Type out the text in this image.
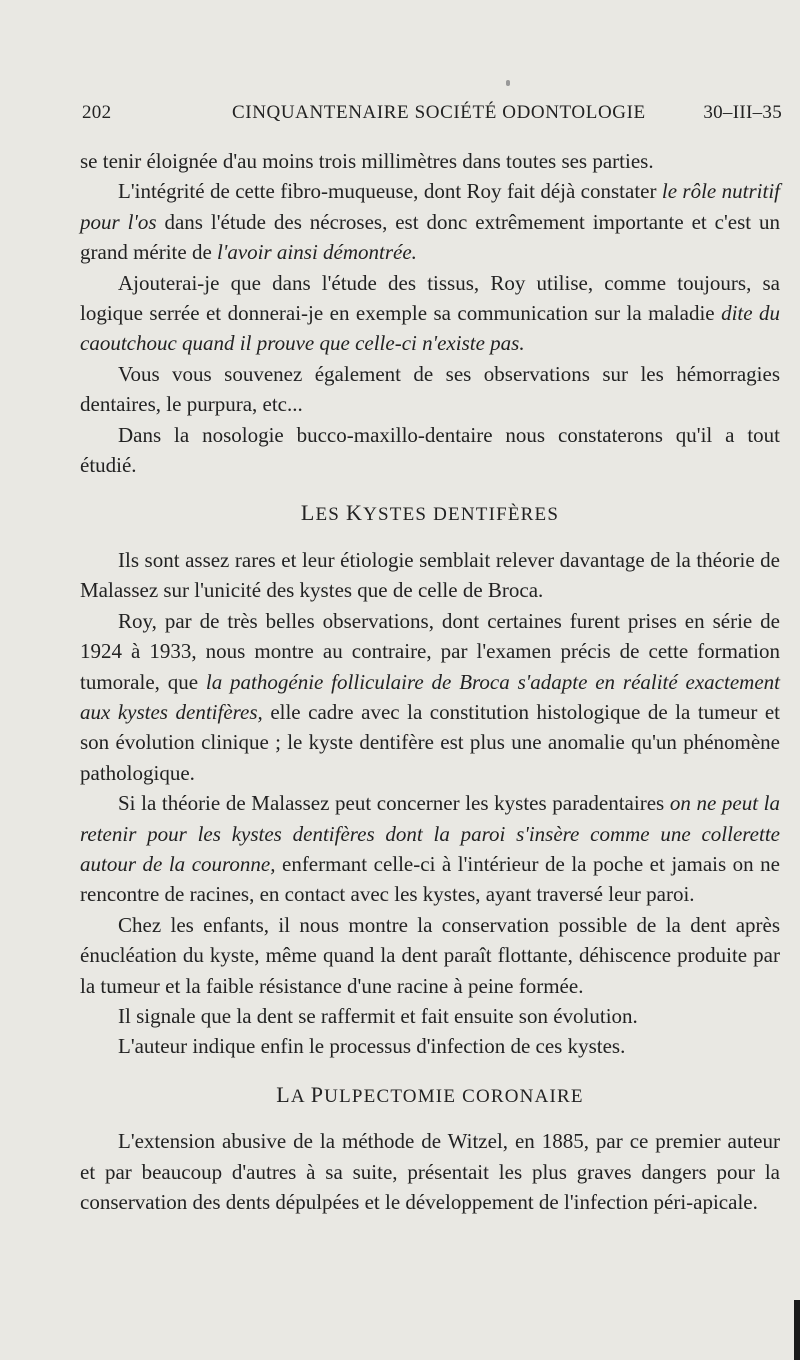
202	CINQUANTENAIRE SOCIÉTÉ ODONTOLOGIE	30–III–35

se tenir éloignée d'au moins trois millimètres dans toutes ses parties.

L'intégrité de cette fibro-muqueuse, dont Roy fait déjà constater le rôle nutritif pour l'os dans l'étude des nécroses, est donc extrêmement importante et c'est un grand mérite de l'avoir ainsi démontrée.

Ajouterai-je que dans l'étude des tissus, Roy utilise, comme toujours, sa logique serrée et donnerai-je en exemple sa communication sur la maladie dite du caoutchouc quand il prouve que celle-ci n'existe pas.

Vous vous souvenez également de ses observations sur les hémorragies dentaires, le purpura, etc...

Dans la nosologie bucco-maxillo-dentaire nous constaterons qu'il a tout étudié.

LES KYSTES DENTIFÈRES

Ils sont assez rares et leur étiologie semblait relever davantage de la théorie de Malassez sur l'unicité des kystes que de celle de Broca.

Roy, par de très belles observations, dont certaines furent prises en série de 1924 à 1933, nous montre au contraire, par l'examen précis de cette formation tumorale, que la pathogénie folliculaire de Broca s'adapte en réalité exactement aux kystes dentifères, elle cadre avec la constitution histologique de la tumeur et son évolution clinique ; le kyste dentifère est plus une anomalie qu'un phénomène pathologique.

Si la théorie de Malassez peut concerner les kystes paradentaires on ne peut la retenir pour les kystes dentifères dont la paroi s'insère comme une collerette autour de la couronne, enfermant celle-ci à l'intérieur de la poche et jamais on ne rencontre de racines, en contact avec les kystes, ayant traversé leur paroi.

Chez les enfants, il nous montre la conservation possible de la dent après énucléation du kyste, même quand la dent paraît flottante, déhiscence produite par la tumeur et la faible résistance d'une racine à peine formée.

Il signale que la dent se raffermit et fait ensuite son évolution.

L'auteur indique enfin le processus d'infection de ces kystes.

LA PULPECTOMIE CORONAIRE

L'extension abusive de la méthode de Witzel, en 1885, par ce premier auteur et par beaucoup d'autres à sa suite, présentait les plus graves dangers pour la conservation des dents dépulpées et le développement de l'infection péri-apicale.
